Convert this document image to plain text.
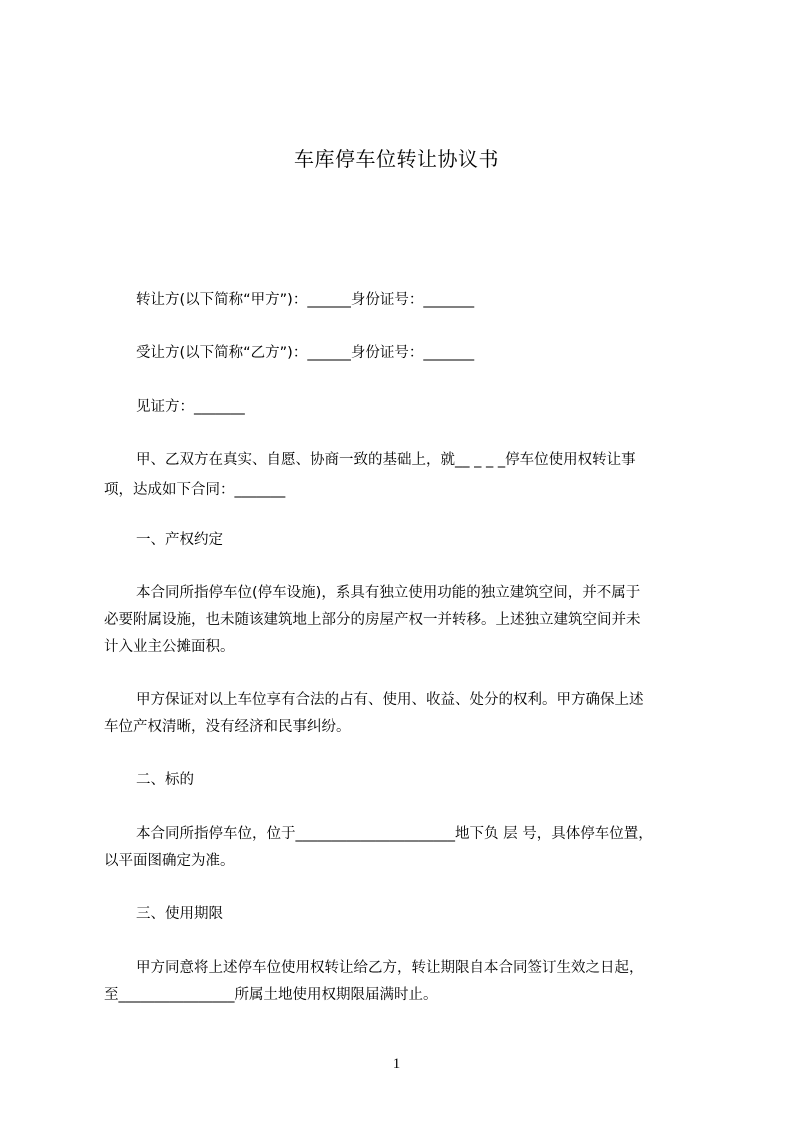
车库停车位转让协议书
转让方(以下简称“甲方”)：______身份证号：_______
受让方(以下简称“乙方”)：______身份证号：_______
见证方：_______
甲、乙双方在真实、自愿、协商一致的基础上，就__ _ _ _停车位使用权转让事
项，达成如下合同：_______
一、产权约定
本合同所指停车位(停车设施)，系具有独立使用功能的独立建筑空间，并不属于
必要附属设施，也未随该建筑地上部分的房屋产权一并转移。上述独立建筑空间并未
计入业主公摊面积。
甲方保证对以上车位享有合法的占有、使用、收益、处分的权利。甲方确保上述
车位产权清晰，没有经济和民事纠纷。
二、标的
本合同所指停车位，位于______________________地下负 层 号，具体停车位置，
以平面图确定为准。
三、使用期限
甲方同意将上述停车位使用权转让给乙方，转让期限自本合同签订生效之日起，
至________________所属土地使用权期限届满时止。
1
